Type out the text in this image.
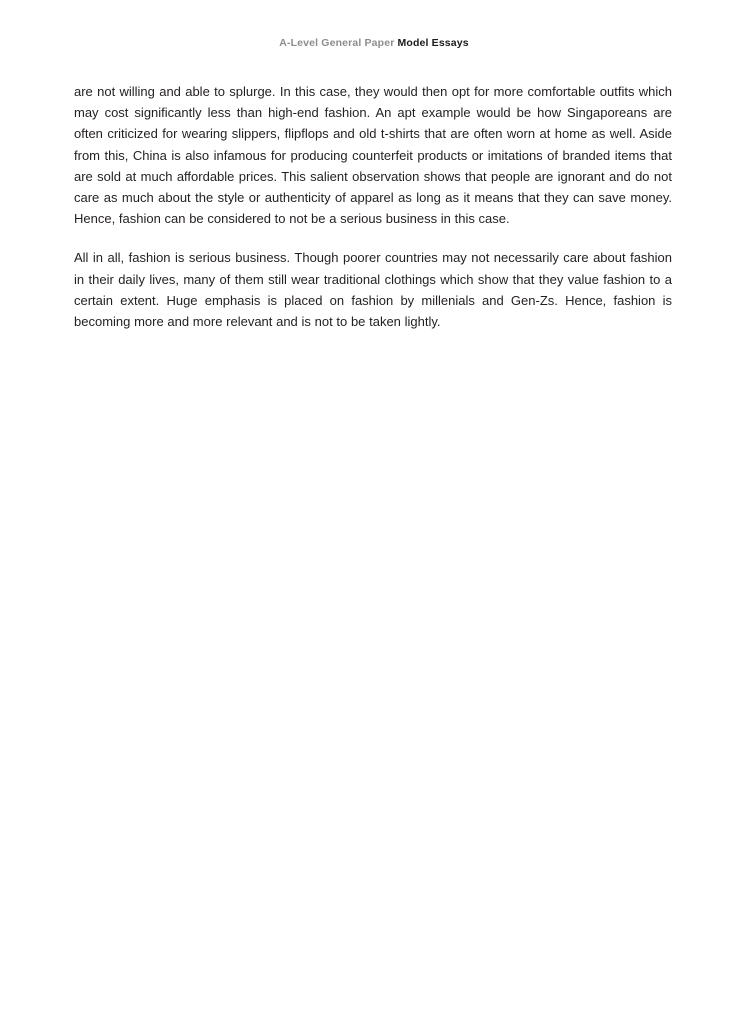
A-Level General Paper Model Essays

are not willing and able to splurge. In this case, they would then opt for more comfortable outfits which may cost significantly less than high-end fashion. An apt example would be how Singaporeans are often criticized for wearing slippers, flipflops and old t-shirts that are often worn at home as well. Aside from this, China is also infamous for producing counterfeit products or imitations of branded items that are sold at much affordable prices. This salient observation shows that people are ignorant and do not care as much about the style or authenticity of apparel as long as it means that they can save money. Hence, fashion can be considered to not be a serious business in this case.

All in all, fashion is serious business. Though poorer countries may not necessarily care about fashion in their daily lives, many of them still wear traditional clothings which show that they value fashion to a certain extent. Huge emphasis is placed on fashion by millenials and Gen-Zs. Hence, fashion is becoming more and more relevant and is not to be taken lightly.
